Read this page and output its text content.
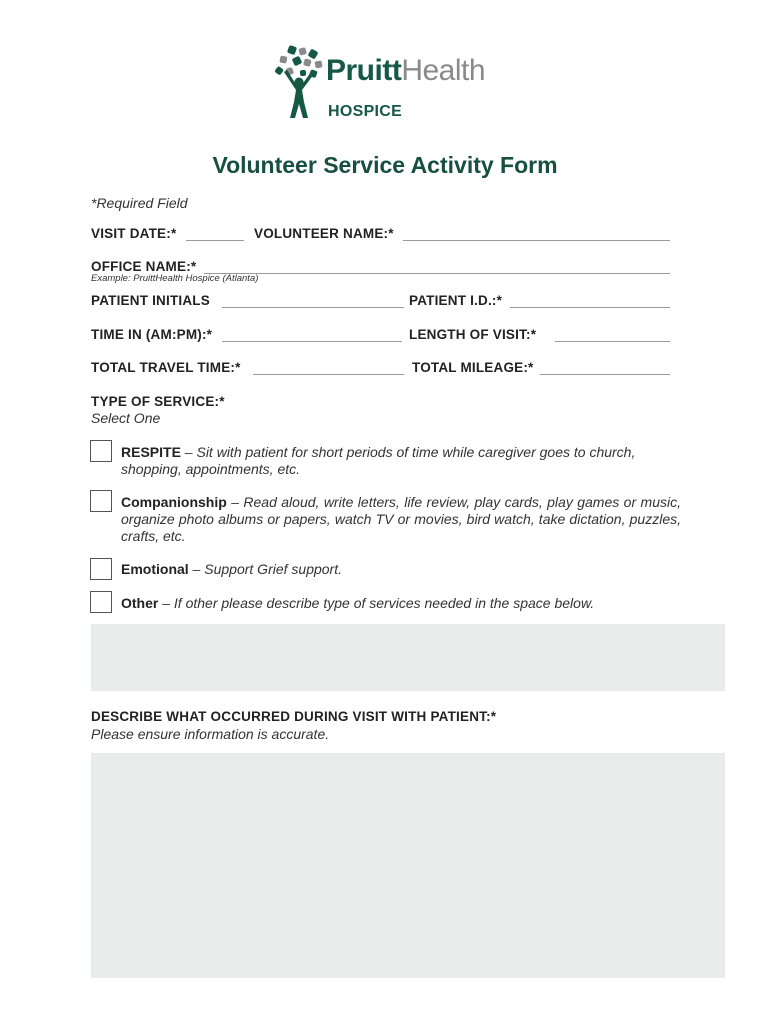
PruittHealth
HOSPICE
Volunteer Service Activity Form
*Required Field
VISIT DATE:*	VOLUNTEER NAME:*
OFFICE NAME:*
Example: PruittHealth Hospice (Atlanta)
PATIENT INITIALS	PATIENT I.D.:*
TIME IN (AM:PM):*	LENGTH OF VISIT:*
TOTAL TRAVEL TIME:*	TOTAL MILEAGE:*
TYPE OF SERVICE:*
Select One
RESPITE – Sit with patient for short periods of time while caregiver goes to church, shopping, appointments, etc.
Companionship – Read aloud, write letters, life review, play cards, play games or music, organize photo albums or papers, watch TV or movies, bird watch, take dictation, puzzles, crafts, etc.
Emotional – Support Grief support.
Other – If other please describe type of services needed in the space below.
DESCRIBE WHAT OCCURRED DURING VISIT WITH PATIENT:*
Please ensure information is accurate.
